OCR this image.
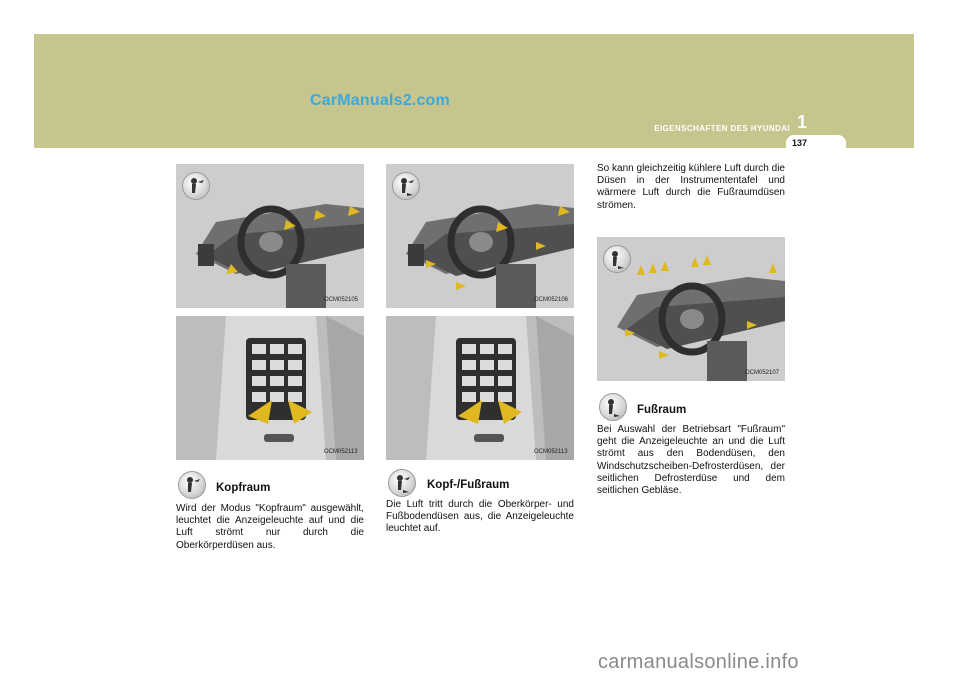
CarManuals2.com
EIGENSCHAFTEN DES HYUNDAI 1
137
OCM052105
OCM052113
OCM052106
OCM052113
OCM052107
Kopfraum
Wird der Modus "Kopfraum" ausgewählt, leuchtet die Anzeigeleuchte auf und die Luft strömt nur durch die Oberkörperdüsen aus.
Kopf-/Fußraum
Die Luft tritt durch die Oberkörper- und Fußbodendüsen aus, die Anzeigeleuchte leuchtet auf.
So kann gleichzeitig kühlere Luft durch die Düsen in der Instrumententafel und wärmere Luft durch die Fußraumdüsen strömen.
Fußraum
Bei Auswahl der Betriebsart "Fußraum" geht die Anzeigeleuchte an und die Luft strömt aus den Bodendüsen, den Windschutzscheiben-Defrosterdüsen, der seitlichen Defrosterdüse und dem seitlichen Gebläse.
carmanualsonline.info
